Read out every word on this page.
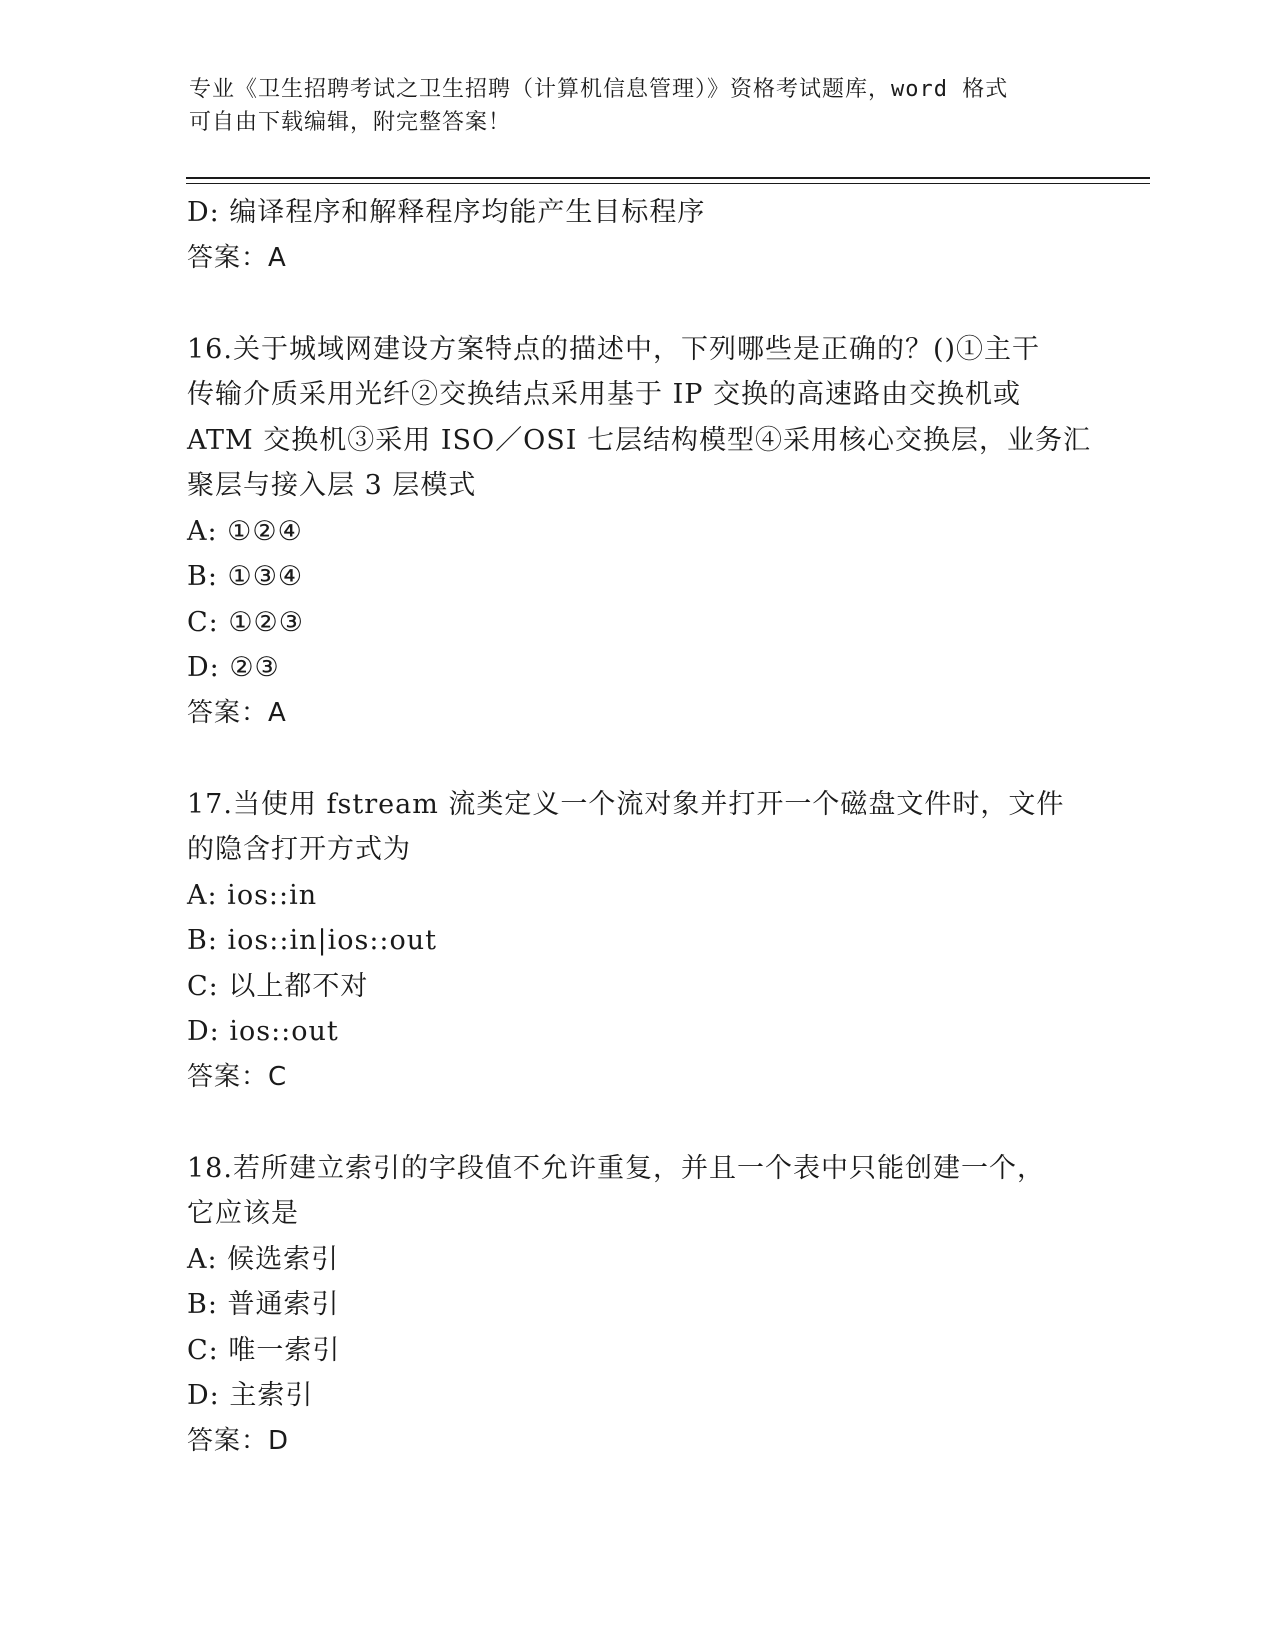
专业《卫生招聘考试之卫生招聘（计算机信息管理）》资格考试题库，word 格式
可自由下载编辑，附完整答案！
D: 编译程序和解释程序均能产生目标程序
答案：A
16.关于城域网建设方案特点的描述中，下列哪些是正确的？()①主干
传输介质采用光纤②交换结点采用基于 IP 交换的高速路由交换机或
ATM 交换机③采用 ISO／OSI 七层结构模型④采用核心交换层，业务汇
聚层与接入层 3 层模式
A: ①②④
B: ①③④
C: ①②③
D: ②③
答案：A
17.当使用 fstream 流类定义一个流对象并打开一个磁盘文件时，文件
的隐含打开方式为
A: ios::in
B: ios::in|ios::out
C: 以上都不对
D: ios::out
答案：C
18.若所建立索引的字段值不允许重复，并且一个表中只能创建一个，
它应该是
A: 候选索引
B: 普通索引
C: 唯一索引
D: 主索引
答案：D
